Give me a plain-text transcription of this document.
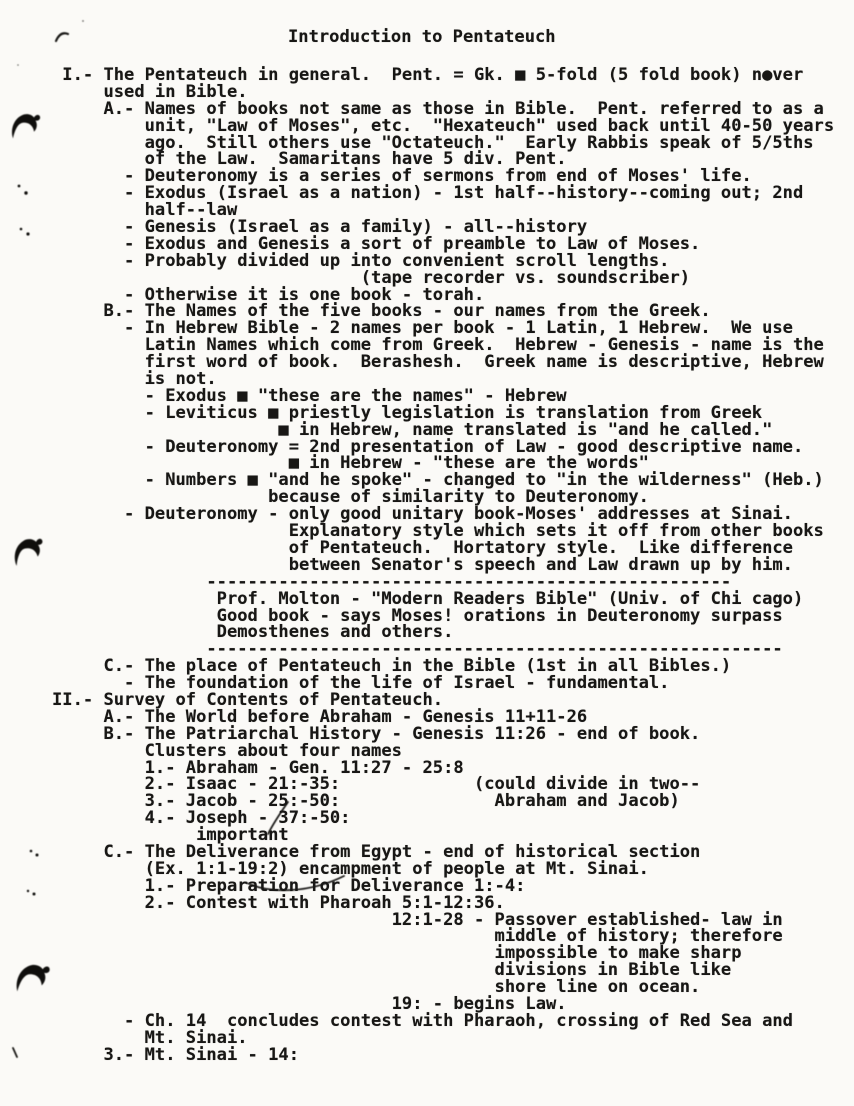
Introduction to Pentateuch
I.- The Pentateuch in general.  Pent. = Gk. ■ 5-fold (5 fold book) n●ver
used in Bible.
A.- Names of books not same as those in Bible.  Pent. referred to as a
unit, "Law of Moses", etc.  "Hexateuch" used back until 40-50 years
ago.  Still others use "Octateuch."  Early Rabbis speak of 5/5ths
of the Law.  Samaritans have 5 div. Pent.
- Deuteronomy is a series of sermons from end of Moses' life.
- Exodus (Israel as a nation) - 1st half--history--coming out; 2nd
half--law
- Genesis (Israel as a family) - all--history
- Exodus and Genesis a sort of preamble to Law of Moses.
- Probably divided up into convenient scroll lengths.
(tape recorder vs. soundscriber)
- Otherwise it is one book - torah.
B.- The Names of the five books - our names from the Greek.
- In Hebrew Bible - 2 names per book - 1 Latin, 1 Hebrew.  We use
Latin Names which come from Greek.  Hebrew - Genesis - name is the
first word of book.  Berashesh.  Greek name is descriptive, Hebrew
is not.
- Exodus ■ "these are the names" - Hebrew
- Leviticus ■ priestly legislation is translation from Greek
■ in Hebrew, name translated is "and he called."
- Deuteronomy = 2nd presentation of Law - good descriptive name.
■ in Hebrew - "these are the words"
- Numbers ■ "and he spoke" - changed to "in the wilderness" (Heb.)
because of similarity to Deuteronomy.
- Deuteronomy - only good unitary book-Moses' addresses at Sinai.
Explanatory style which sets it off from other books
of Pentateuch.  Hortatory style.  Like difference
between Senator's speech and Law drawn up by him.
---------------------------------------------------
Prof. Molton - "Modern Readers Bible" (Univ. of Chi cago)
Good book - says Moses! orations in Deuteronomy surpass
Demosthenes and others.
--------------------------------------------------------
C.- The place of Pentateuch in the Bible (1st in all Bibles.)
- The foundation of the life of Israel - fundamental.
II.- Survey of Contents of Pentateuch.
A.- The World before Abraham - Genesis 11+11-26
B.- The Patriarchal History - Genesis 11:26 - end of book.
Clusters about four names
1.- Abraham - Gen. 11:27 - 25:8
2.- Isaac - 21:-35:             (could divide in two--
3.- Jacob - 25:-50:               Abraham and Jacob)
4.- Joseph - 37:-50:
important
C.- The Deliverance from Egypt - end of historical section
(Ex. 1:1-19:2) encampment of people at Mt. Sinai.
1.- Preparation for Deliverance 1:-4:
2.- Contest with Pharoah 5:1-12:36.
12:1-28 - Passover established- law in
middle of history; therefore
impossible to make sharp
divisions in Bible like
shore line on ocean.
19: - begins Law.
- Ch. 14  concludes contest with Pharaoh, crossing of Red Sea and
Mt. Sinai.
3.- Mt. Sinai - 14:
